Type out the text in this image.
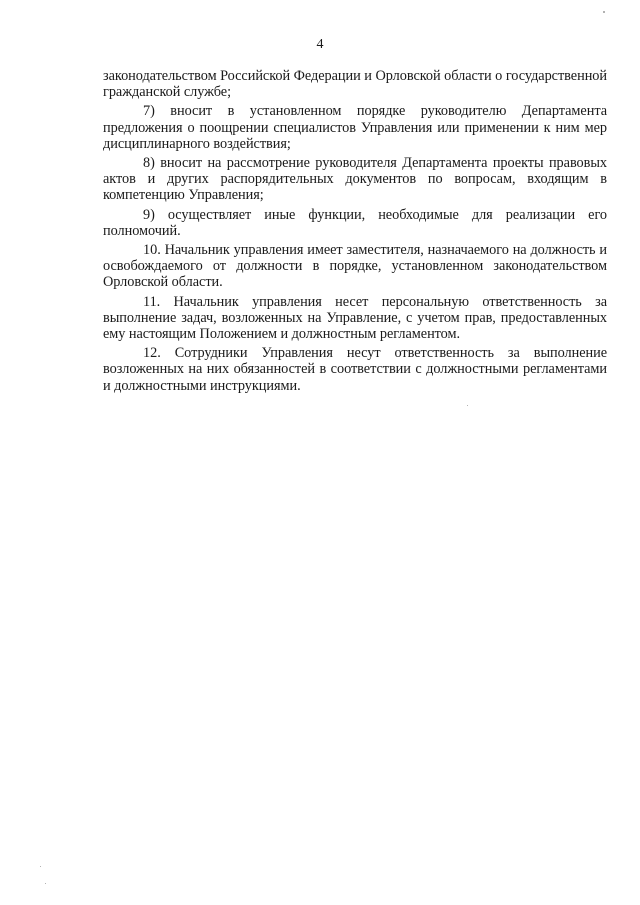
4

законодательством Российской Федерации и Орловской области о государственной гражданской службе;

7) вносит в установленном порядке руководителю Департамента предложения о поощрении специалистов Управления или применении к ним мер дисциплинарного воздействия;

8) вносит на рассмотрение руководителя Департамента проекты правовых актов и других распорядительных документов по вопросам, входящим в компетенцию Управления;

9) осуществляет иные функции, необходимые для реализации его полномочий.

10. Начальник управления имеет заместителя, назначаемого на должность и освобождаемого от должности в порядке, установленном законодательством Орловской области.

11. Начальник управления несет персональную ответственность за выполнение задач, возложенных на Управление, с учетом прав, предоставленных ему настоящим Положением и должностным регламентом.

12. Сотрудники Управления несут ответственность за выполнение возложенных на них обязанностей в соответствии с должностными регламентами и должностными инструкциями.
